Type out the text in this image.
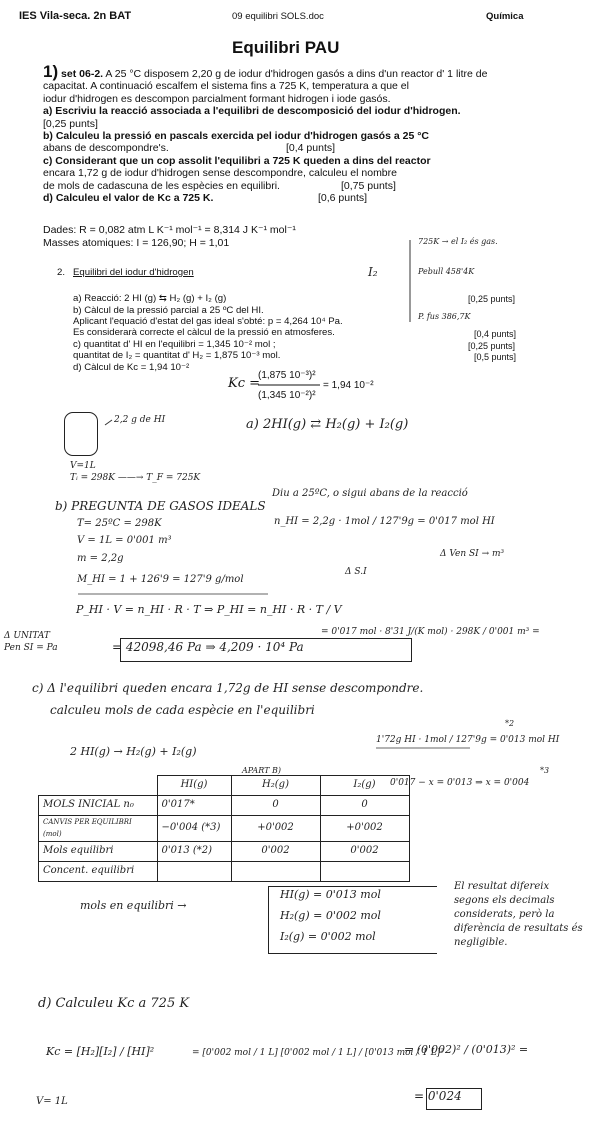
IES Vila-seca. 2n BAT	09 equilibri SOLS.doc	Química
Equilibri PAU
1) set 06-2. A 25 °C disposem 2,20 g de iodur d'hidrogen gasós a dins d'un reactor d' 1 litre de
capacitat. A continuació escalfem el sistema fins a 725 K, temperatura a que el
iodur d'hidrogen es descompon parcialment formant hidrogen i iode gasós.
a) Escriviu la reacció associada a l'equilibri de descomposició del iodur d'hidrogen.
[0,25 punts]
b) Calculeu la pressió en pascals exercida pel iodur d'hidrogen gasós a 25 °C
abans de descompondre's.	[0,4 punts]
c) Considerant que un cop assolit l'equilibri a 725 K queden a dins del reactor
encara 1,72 g de iodur d'hidrogen sense descompondre, calculeu el nombre
de mols de cadascuna de les espècies en equilibri.	[0,75 punts]
d) Calculeu el valor de Kc a 725 K.	[0,6 punts]
Dades: R = 0,082 atm L K⁻¹ mol⁻¹ = 8,314 J K⁻¹ mol⁻¹
Masses atomiques: I = 126,90; H = 1,01	725K → el I₂ és gas.
Pebull 458'4K
P. fus 386,7K
I₂
2. Equilibri del iodur d'hidrogen
a) Reacció: 2 HI (g) ⇆ H₂ (g) + I₂ (g)	[0,25 punts]
b) Càlcul de la pressió parcial a 25 ºC del HI.
Aplicant l'equació d'estat del gas ideal s'obté: p = 4,264 10⁴ Pa.
Es considerarà correcte el càlcul de la pressió en atmosferes.	[0,4 punts]
c) quantitat d' HI en l'equilibri = 1,345 10⁻² mol ;	[0,25 punts]
quantitat de I₂ = quantitat d' H₂ = 1,875 10⁻³ mol.	[0,5 punts]
d) Càlcul de Kc = 1,94 10⁻²
Kc =
(1,875 10⁻³)²
(1,345 10⁻²)²
= 1,94 10⁻²
2,2 g de HI
V=1L
Tᵢ = 298K ——→ T_F = 725K
a) 2HI(g) ⇄ H₂(g) + I₂(g)
b) PREGUNTA DE GASOS IDEALS
Diu a 25ºC, o sigui abans de la reacció
T= 25ºC = 298K
V = 1L = 0'001 m³
m = 2,2g
M_HI = 1 + 126'9 = 127'9 g/mol
n_HI = 2,2g · 1mol / 127'9g = 0'017 mol HI
Δ Ven SI → m³
Δ S.I
P_HI · V = n_HI · R · T ⇒ P_HI = n_HI · R · T / V
= 0'017 mol · 8'31 J/(K mol) · 298K / 0'001 m³ =
Δ UNITAT Pen SI = Pa	= 42098,46 Pa ⇒ 4,209 · 10⁴ Pa
c) Δ l'equilibri queden encara 1,72g de HI sense descompondre.
calculeu mols de cada espècie en l'equilibri
2 HI(g) → H₂(g) + I₂(g)
1'72g HI · 1mol / 127'9g = 0'013 mol HI
*2
0'017 − x = 0'013 ⇒ x = 0'004
*3
APART B)
	HI(g)	H₂(g)	I₂(g)
MOLS INICIAL n₀	0'017*	0	0
CANVIS PER EQUILIBRI (mol)	−0'004 (*3)	+0'002	+0'002
Mols equilibri	0'013 (*2)	0'002	0'002
Concent. equilibri			
mols en equilibri →
HI(g) = 0'013 mol
H₂(g) = 0'002 mol
I₂(g) = 0'002 mol
El resultat difereix segons els decimals considerats, però la diferència de resultats és negligible.
d) Calculeu Kc a 725 K
Kc = [H₂][I₂] / [HI]²	= [0'002 mol / 1 L] [0'002 mol / 1 L] / [0'013 mol / 1 L]²
= (0'002)² / (0'013)² =
V= 1L	= 0'024
